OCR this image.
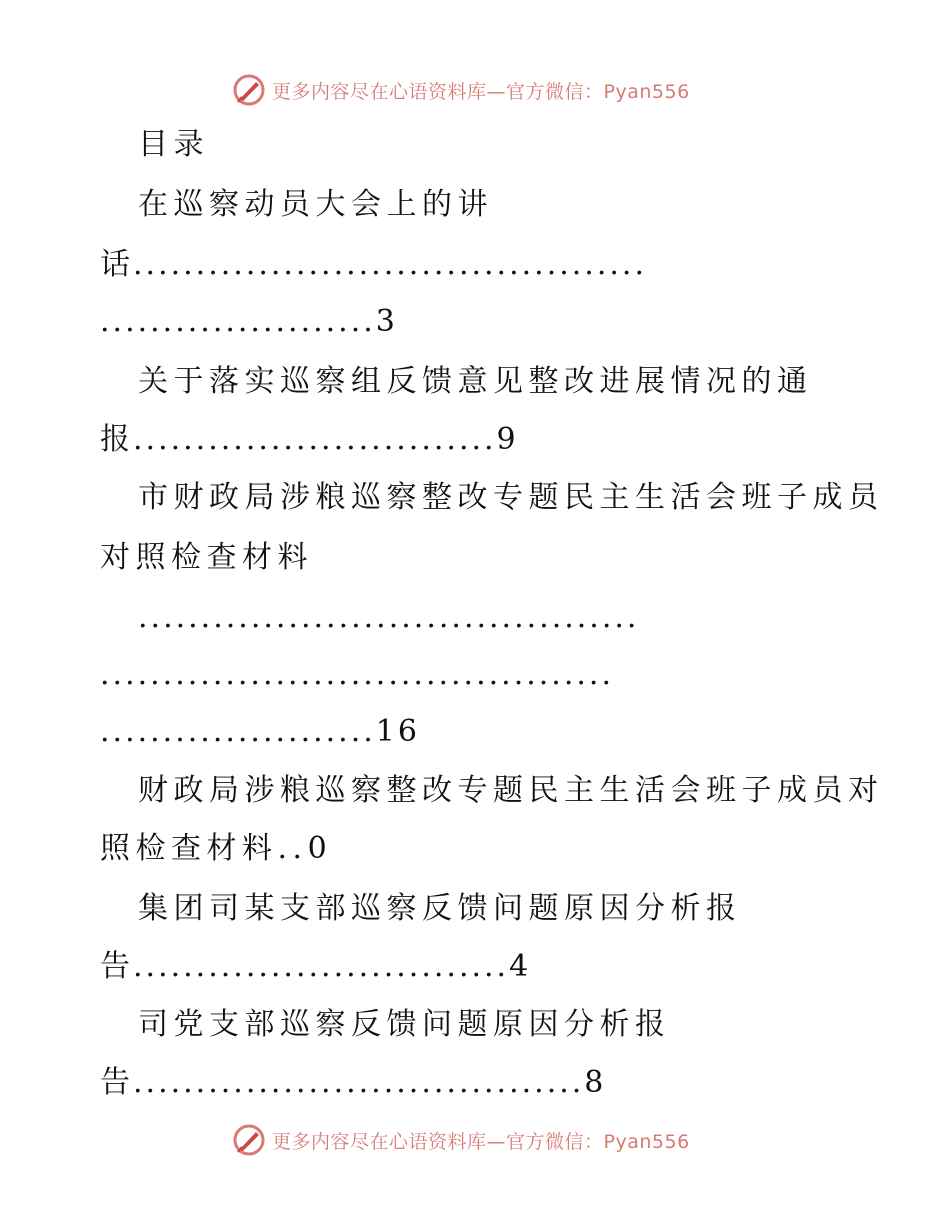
更多内容尽在心语资料库—官方微信：Pyan556
目录
在巡察动员大会上的讲
话.........................................
......................3
关于落实巡察组反馈意见整改进展情况的通
报.............................9
市财政局涉粮巡察整改专题民主生活会班子成员
对照检查材料
........................................
.........................................
......................16
财政局涉粮巡察整改专题民主生活会班子成员对
照检查材料..0
集团司某支部巡察反馈问题原因分析报
告..............................4
司党支部巡察反馈问题原因分析报
告....................................8
更多内容尽在心语资料库—官方微信：Pyan556
